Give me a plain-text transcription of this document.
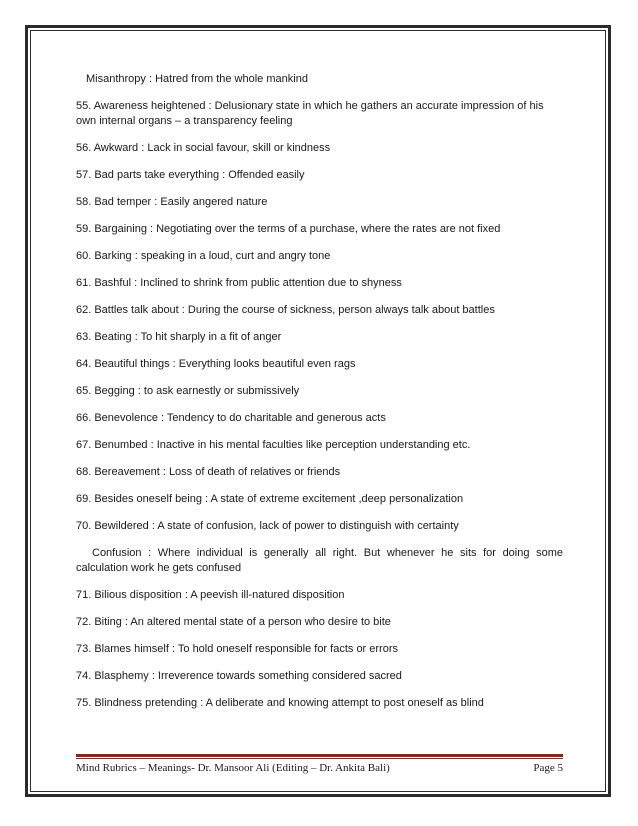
Misanthropy : Hatred from the whole mankind

55. Awareness heightened : Delusionary state in which he gathers an accurate impression of his own internal organs – a transparency feeling

56. Awkward : Lack in social favour, skill or kindness

57. Bad parts take everything : Offended easily

58. Bad temper : Easily angered nature

59. Bargaining : Negotiating over the terms of a purchase, where the rates are not fixed

60. Barking : speaking in a loud, curt and angry tone

61. Bashful : Inclined to shrink from public attention due to shyness

62. Battles talk about : During the course of sickness, person always talk about battles

63. Beating : To hit sharply in a fit of anger

64. Beautiful things : Everything looks beautiful even rags

65. Begging : to ask earnestly or submissively

66. Benevolence : Tendency to do charitable and generous acts

67. Benumbed : Inactive in his mental faculties like perception understanding etc.

68. Bereavement : Loss of death of relatives or friends

69. Besides oneself being : A state of extreme excitement ,deep personalization

70. Bewildered : A state of confusion, lack of power to distinguish with certainty

Confusion : Where individual is generally all right. But whenever he sits for doing some calculation work he gets confused

71. Bilious disposition : A peevish ill-natured disposition

72. Biting : An altered mental state of a person who desire to bite

73. Blames himself : To hold oneself responsible for facts or errors

74. Blasphemy : Irreverence towards something considered sacred

75. Blindness pretending : A deliberate and knowing attempt to post oneself as blind

Mind Rubrics – Meanings- Dr. Mansoor Ali (Editing – Dr. Ankita Bali)	Page 5
